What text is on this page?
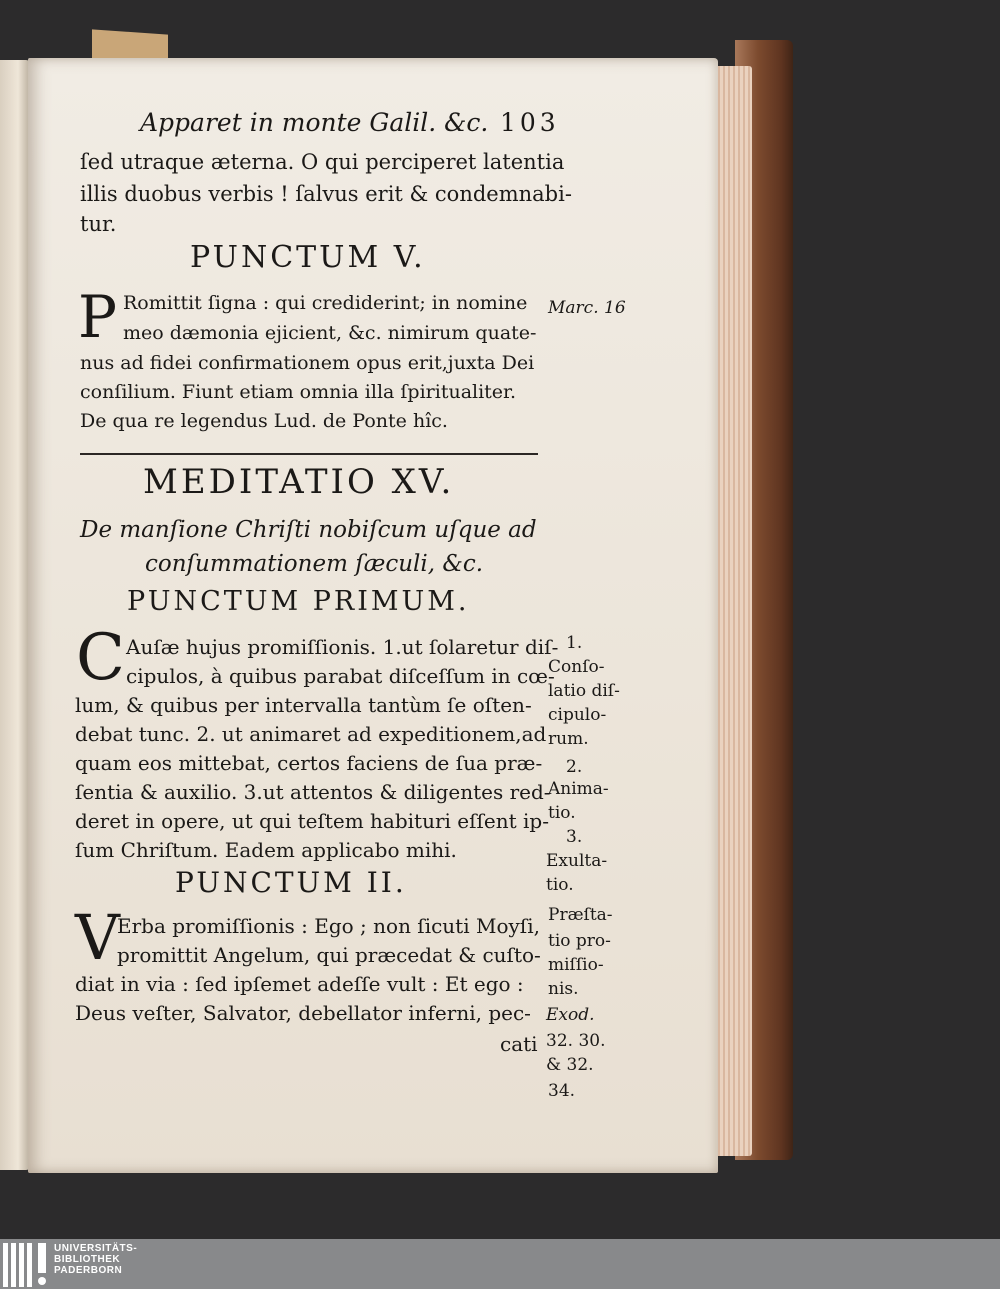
Apparet in monte Galil. &c. 103
ſed utraque æterna. O qui perciperet latentia
illis duobus verbis ! ſalvus erit & condemnabi-
tur.
PUNCTUM V.
P Romittit ſigna : qui crediderint; in nomine
meo dæmonia ejicient, &c. nimirum quate-
nus ad fidei confirmationem opus erit,juxta Dei
conſilium. Fiunt etiam omnia illa ſpiritualiter.
De qua re legendus Lud. de Ponte hîc.
Marc. 16
MEDITATIO XV.
De manſione Chriſti nobiſcum uſque ad
conſummationem ſæculi, &c.
PUNCTUM PRIMUM.
C Auſæ hujus promiſſionis. 1.ut ſolaretur diſ-
cipulos, à quibus parabat diſceſſum in cœ-
lum, & quibus per intervalla tantùm ſe oſten-
debat tunc. 2. ut animaret ad expeditionem,ad
quam eos mittebat, certos faciens de ſua præ-
ſentia & auxilio. 3.ut attentos & diligentes red-
deret in opere, ut qui teſtem habituri eſſent ip-
ſum Chriſtum. Eadem applicabo mihi.
PUNCTUM II.
V
Erba promiſſionis : Ego ; non ſicuti Moyſi,
promittit Angelum, qui præcedat & cuſto-
diat in via : ſed ipſemet adeſſe vult : Et ego :
Deus veſter, Salvator, debellator inferni, pec-
cati
1.
Conſo-
latio diſ-
cipulo-
rum.
2.
Anima-
tio.
3.
Exulta-
tio.
Præſta-
tio pro-
miſſio-
nis.
Exod.
32. 30.
& 32.
34.
UNIVERSITÄTS-
BIBLIOTHEK
PADERBORN
